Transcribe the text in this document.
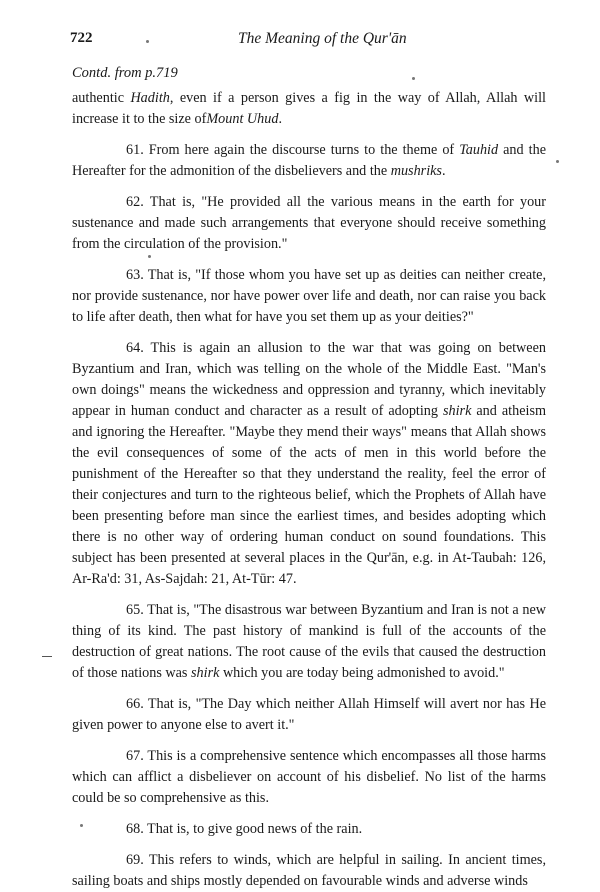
722	The Meaning of the Qur'ān
Contd. from p.719

authentic Hadith, even if a person gives a fig in the way of Allah, Allah will increase it to the size ofMount Uhud.

61. From here again the discourse turns to the theme of Tauhid and the Hereafter for the admonition of the disbelievers and the mushriks.

62. That is, "He provided all the various means in the earth for your sustenance and made such arrangements that everyone should receive something from the circulation of the provision."

63. That is, "If those whom you have set up as deities can neither create, nor provide sustenance, nor have power over life and death, nor can raise you back to life after death, then what for have you set them up as your deities?"

64. This is again an allusion to the war that was going on between Byzantium and Iran, which was telling on the whole of the Middle East. "Man's own doings" means the wickedness and oppression and tyranny, which inevitably appear in human conduct and character as a result of adopting shirk and atheism and ignoring the Hereafter. "Maybe they mend their ways" means that Allah shows the evil consequences of some of the acts of men in this world before the punishment of the Hereafter so that they understand the reality, feel the error of their conjectures and turn to the righteous belief, which the Prophets of Allah have been presenting before man since the earliest times, and besides adopting which there is no other way of ordering human conduct on sound foundations. This subject has been presented at several places in the Qur'ān, e.g. in At-Taubah: 126, Ar-Ra'd: 31, As-Sajdah: 21, At-Tūr: 47.

65. That is, "The disastrous war between Byzantium and Iran is not a new thing of its kind. The past history of mankind is full of the accounts of the destruction of great nations. The root cause of the evils that caused the destruction of those nations was shirk which you are today being admonished to avoid."

66. That is, "The Day which neither Allah Himself will avert nor has He given power to anyone else to avert it."

67. This is a comprehensive sentence which encompasses all those harms which can afflict a disbeliever on account of his disbelief. No list of the harms could be so comprehensive as this.

68. That is, to give good news of the rain.

69. This refers to winds, which are helpful in sailing. In ancient times, sailing boats and ships mostly depended on favourable winds and adverse winds
